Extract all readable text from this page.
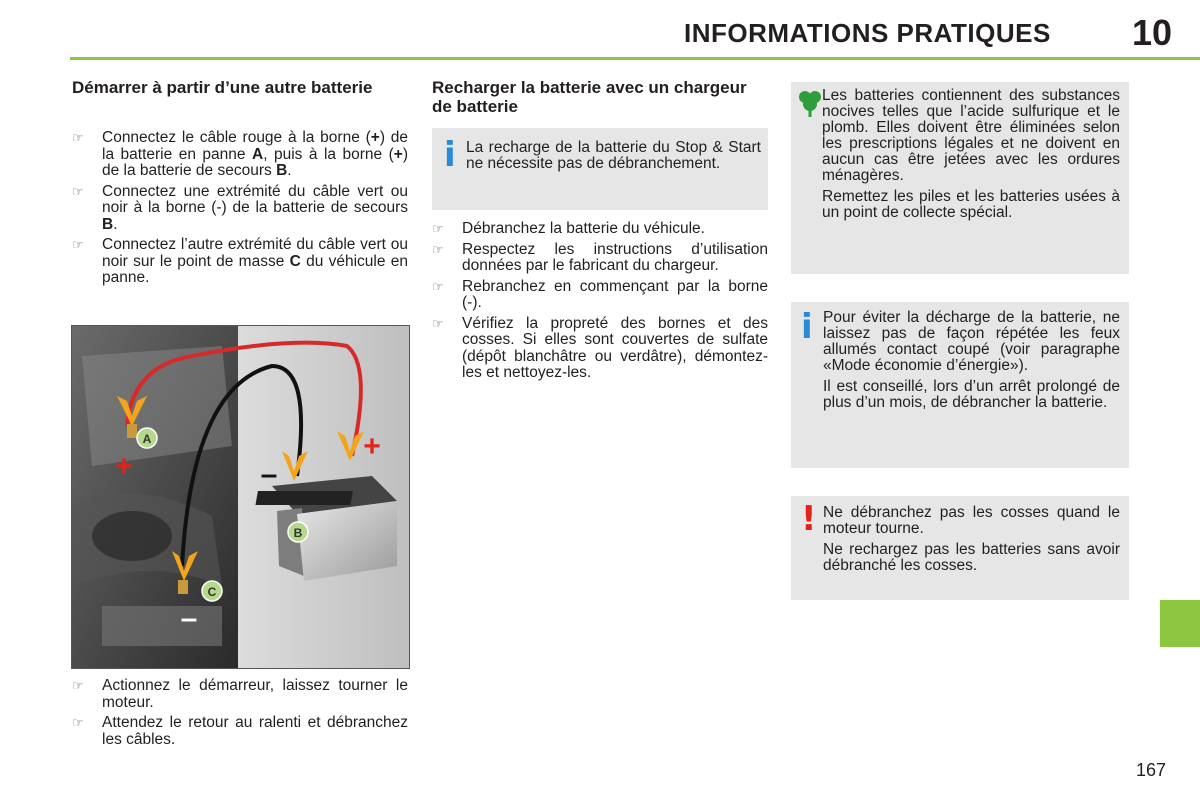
INFORMATIONS PRATIQUES 10
Démarrer à partir d’une autre batterie
☞ Connectez le câble rouge à la borne (+) de la batterie en panne A, puis à la borne (+) de la batterie de secours B.
☞ Connectez une extrémité du câble vert ou noir à la borne (-) de la batterie de secours B.
☞ Connectez l’autre extrémité du câble vert ou noir sur le point de masse C du véhicule en panne.
A
B
C
+
+
–
–
☞ Actionnez le démarreur, laissez tourner le moteur.
☞ Attendez le retour au ralenti et débranchez les câbles.
Recharger la batterie avec un chargeur de batterie
i La recharge de la batterie du Stop & Start ne nécessite pas de débranchement.
☞ Débranchez la batterie du véhicule.
☞ Respectez les instructions d’utilisation données par le fabricant du chargeur.
☞ Rebranchez en commençant par la borne (-).
☞ Vérifiez la propreté des bornes et des cosses. Si elles sont couvertes de sulfate (dépôt blanchâtre ou verdâtre), démontez-les et nettoyez-les.

Les batteries contiennent des substances nocives telles que l’acide sulfurique et le plomb. Elles doivent être éliminées selon les prescriptions légales et ne doivent en aucun cas être jetées avec les ordures ménagères.

Remettez les piles et les batteries usées à un point de collecte spécial.

i Pour éviter la décharge de la batterie, ne laissez pas de façon répétée les feux allumés contact coupé (voir paragraphe «Mode économie d’énergie»).

Il est conseillé, lors d’un arrêt prolongé de plus d’un mois, de débrancher la batterie.

! Ne débranchez pas les cosses quand le moteur tourne.

Ne rechargez pas les batteries sans avoir débranché les cosses.

167
